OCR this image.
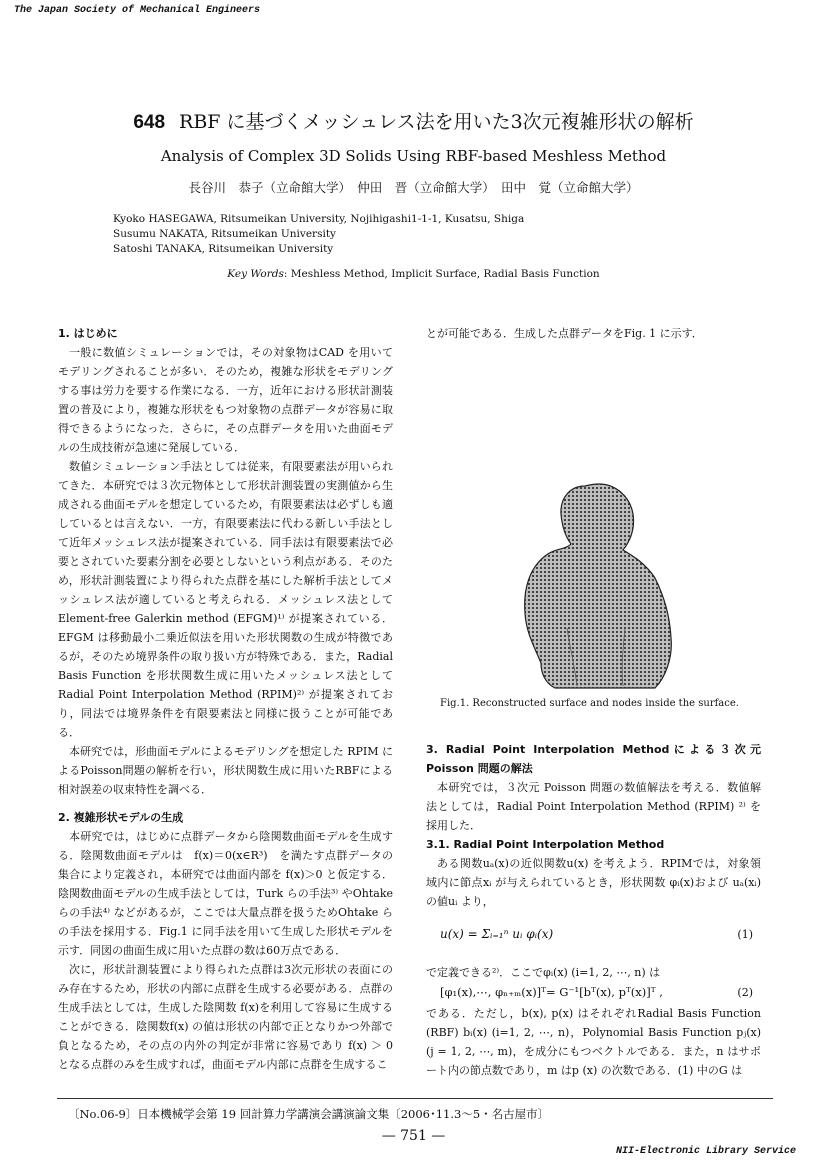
The Japan Society of Mechanical Engineers
648 RBF に基づくメッシュレス法を用いた3次元複雑形状の解析
Analysis of Complex 3D Solids Using RBF-based Meshless Method
長谷川　恭子（立命館大学）　仲田　晋（立命館大学）　田中　覚（立命館大学）
Kyoko HASEGAWA, Ritsumeikan University, Nojihigashi1-1-1, Kusatsu, Shiga
Susumu NAKATA, Ritsumeikan University
Satoshi TANAKA, Ritsumeikan University
Key Words: Meshless Method, Implicit Surface, Radial Basis Function
1. はじめに

一般に数値シミュレーションでは，その対象物はCAD を用いてモデリングされることが多い．そのため，複雑な形状をモデリングする事は労力を要する作業になる．一方，近年における形状計測装置の普及により，複雑な形状をもつ対象物の点群データが容易に取得できるようになった．さらに，その点群データを用いた曲面モデルの生成技術が急速に発展している．

数値シミュレーション手法としては従来，有限要素法が用いられてきた．本研究では３次元物体として形状計測装置の実測値から生成される曲面モデルを想定しているため，有限要素法は必ずしも適しているとは言えない．一方，有限要素法に代わる新しい手法として近年メッシュレス法が提案されている．同手法は有限要素法で必要とされていた要素分割を必要としないという利点がある．そのため，形状計測装置により得られた点群を基にした解析手法としてメッシュレス法が適していると考えられる．メッシュレス法として Element-free Galerkin method (EFGM)¹⁾ が提案されている．EFGM は移動最小二乗近似法を用いた形状関数の生成が特徴であるが，そのため境界条件の取り扱い方が特殊である．また，Radial Basis Function を形状関数生成に用いたメッシュレス法として Radial Point Interpolation Method (RPIM)²⁾ が提案されており，同法では境界条件を有限要素法と同様に扱うことが可能である．

本研究では，形曲面モデルによるモデリングを想定した RPIM によるPoisson問題の解析を行い，形状関数生成に用いたRBFによる相対誤差の収束特性を調べる．

2. 複雑形状モデルの生成

本研究では，はじめに点群データから陰関数曲面モデルを生成する．陰関数曲面モデルは　f(x)＝0(x∈R³)　を満たす点群データの集合により定義され，本研究では曲面内部を f(x)＞0 と仮定する．陰関数曲面モデルの生成手法としては，Turk らの手法³⁾ やOhtake らの手法⁴⁾ などがあるが，ここでは大量点群を扱うためOhtake らの手法を採用する．Fig.1 に同手法を用いて生成した形状モデルを示す．同図の曲面生成に用いた点群の数は60万点である．

次に，形状計測装置により得られた点群は3次元形状の表面にのみ存在するため，形状の内部に点群を生成する必要がある．点群の生成手法としては，生成した陰関数 f(x)を利用して容易に生成することができる．陰関数f(x) の値は形状の内部で正となりかつ外部で負となるため，その点の内外の判定が非常に容易であり f(x) ＞ 0 となる点群のみを生成すれば，曲面モデル内部に点群を生成するこ

Fig.1. Reconstructed surface and nodes inside the surface.

とが可能である．生成した点群データをFig. 1 に示す．

3. Radial Point Interpolation Methodによる３次元 Poisson 問題の解法

本研究では，３次元 Poisson 問題の数値解法を考える．数値解法としては，Radial Point Interpolation Method (RPIM) ²⁾ を採用した．

3.1. Radial Point Interpolation Method

ある関数uₐ(x)の近似関数u(x) を考えよう．RPIMでは，対象領域内に節点xᵢ が与えられているとき，形状関数 φᵢ(x)および uₐ(xᵢ)の値uᵢ より，

u(x) = Σᵢ₌₁ⁿ uᵢ φᵢ(x)	(1)

で定義できる²⁾．ここでφᵢ(x) (i=1, 2, ⋯, n) は

[φ₁(x),⋯, φₙ₊ₘ(x)]ᵀ= G⁻¹[bᵀ(x), pᵀ(x)]ᵀ ,	(2)

である．ただし，b(x), p(x) はそれぞれRadial Basis Function (RBF) bᵢ(x) (i=1, 2, ⋯, n)，Polynomial Basis Function pⱼ(x) (j = 1, 2, ⋯, m)，を成分にもつベクトルである．また，n はサポート内の節点数であり，m はp (x) の次数である．(1) 中のG は

〔No.06-9〕日本機械学会第 19 回計算力学講演会講演論文集〔2006･11.3～5・名古屋市〕
— 751 —
NII-Electronic Library Service
